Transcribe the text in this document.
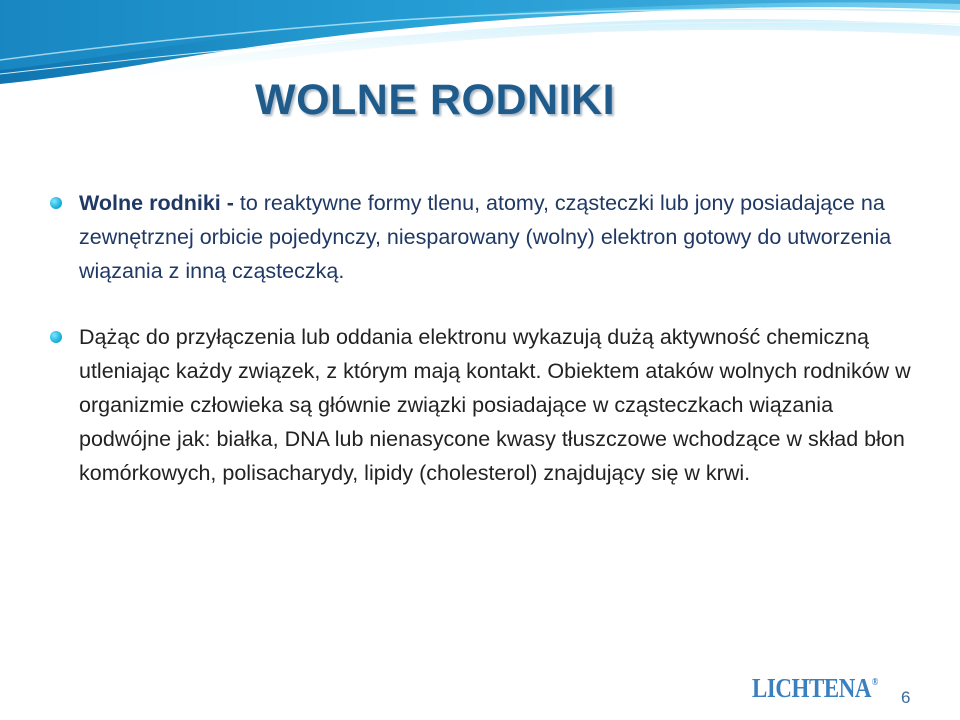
WOLNE RODNIKI
Wolne rodniki - to reaktywne formy tlenu, atomy, cząsteczki lub jony posiadające na zewnętrznej orbicie pojedynczy, niesparowany (wolny) elektron gotowy do utworzenia wiązania z inną cząsteczką.
Dążąc do przyłączenia lub oddania elektronu wykazują dużą aktywność chemiczną utleniając każdy związek, z którym mają kontakt. Obiektem ataków wolnych rodników w organizmie człowieka są głównie związki posiadające w cząsteczkach wiązania podwójne jak: białka, DNA lub nienasycone kwasy tłuszczowe wchodzące w skład błon komórkowych, polisacharydy, lipidy (cholesterol) znajdujący się w krwi.
LICHTENA®
6
